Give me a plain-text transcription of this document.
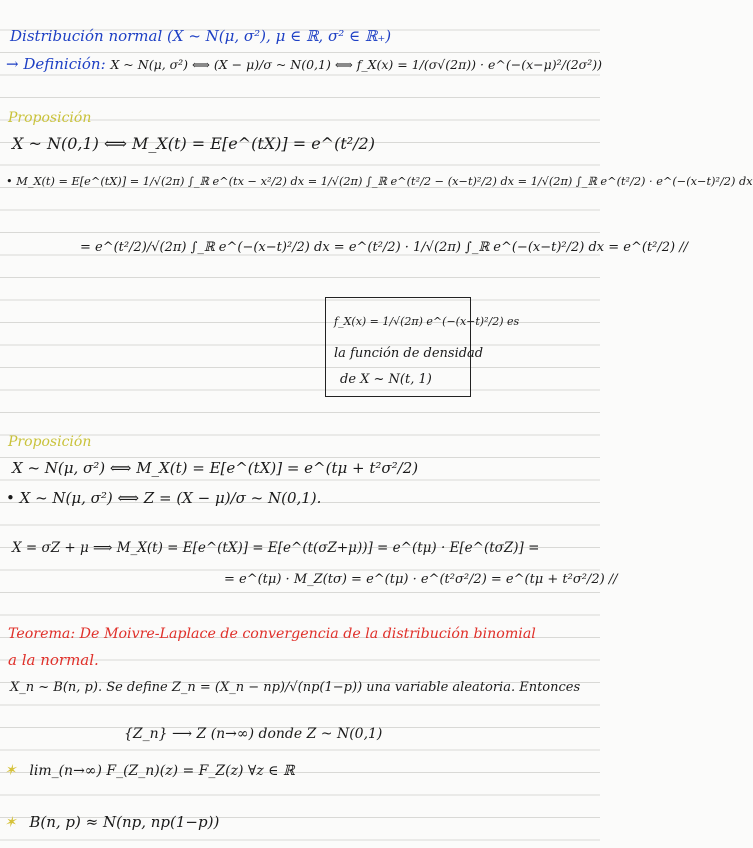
Distribución normal (X ~ N(μ, σ²), μ ∈ ℝ, σ² ∈ ℝ₊)
→ Definición: X ~ N(μ, σ²) ⟺ (X − μ)/σ ~ N(0,1) ⟺ f_X(x) = 1/(σ√(2π)) · e^(−(x−μ)²/(2σ²))
Proposición
X ~ N(0,1) ⟺ M_X(t) = E[e^(tX)] = e^(t²/2)
• M_X(t) = E[e^(tX)] = 1/√(2π) ∫_ℝ e^(tx − x²/2) dx = 1/√(2π) ∫_ℝ e^(t²/2 − (x−t)²/2) dx = 1/√(2π) ∫_ℝ e^(t²/2) · e^(−(x−t)²/2) dx
= e^(t²/2)/√(2π) ∫_ℝ e^(−(x−t)²/2) dx = e^(t²/2) · 1/√(2π) ∫_ℝ e^(−(x−t)²/2) dx = e^(t²/2) //
f_X(x) = 1/√(2π) e^(−(x−t)²/2) es
la función de densidad
de X ~ N(t, 1)
Proposición
X ~ N(μ, σ²) ⟺ M_X(t) = E[e^(tX)] = e^(tμ + t²σ²/2)
• X ~ N(μ, σ²) ⟺ Z = (X − μ)/σ ~ N(0,1).
X = σZ + μ ⟹ M_X(t) = E[e^(tX)] = E[e^(t(σZ+μ))] = e^(tμ) · E[e^(tσZ)] =
= e^(tμ) · M_Z(tσ) = e^(tμ) · e^(t²σ²/2) = e^(tμ + t²σ²/2) //
Teorema: De Moivre-Laplace de convergencia de la distribución binomial
a la normal.
X_n ~ B(n, p). Se define Z_n = (X_n − np)/√(np(1−p)) una variable aleatoria. Entonces
{Z_n} ⟶ Z (n→∞) donde Z ~ N(0,1)
✶ lim_(n→∞) F_(Z_n)(z) = F_Z(z) ∀z ∈ ℝ
✶ B(n, p) ≈ N(np, np(1−p))
